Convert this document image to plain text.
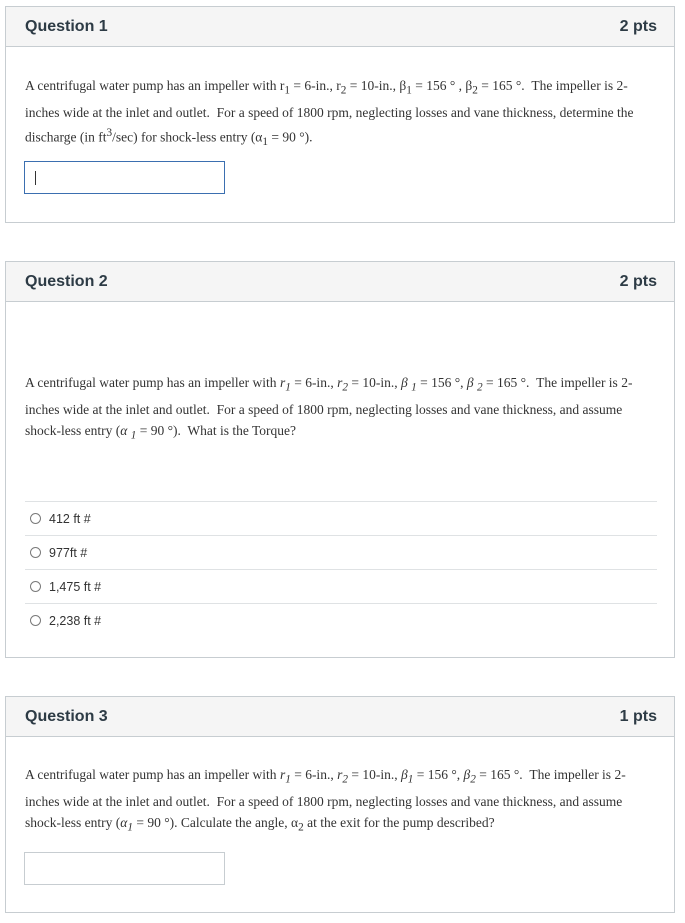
Question 1	2 pts

A centrifugal water pump has an impeller with $r_1 = 6-in$., $r_2 = 10-in$., $\beta_1 = 156$ ° , $\beta_2 = 165$ °.  The impeller is 2-inches wide at the inlet and outlet.  For a speed of 1800 rpm, neglecting losses and vane thickness, determine the discharge (in $ft^3/\sec$) for shock-less entry ($\alpha_1 = 90$ °).

Question 2	2 pts

A centrifugal water pump has an impeller with $r_1 = 6-in$., $r_2 = 10-in$., β $_1$ = 156 °, β $_2$ = 165 °.  The impeller is 2-inches wide at the inlet and outlet.  For a speed of 1800 rpm, neglecting losses and vane thickness, and assume shock-less entry (α $_1$ = 90 °).  What is the Torque?

412 ft #
977ft #
1,475 ft #
2,238 ft #
Question 3	1 pts

A centrifugal water pump has an impeller with $r_1 = 6-in$., $r_2 = 10-in$., $\beta_1 = 156$ °, $\beta_2 = 165$ °.  The impeller is 2-inches wide at the inlet and outlet.  For a speed of 1800 rpm, neglecting losses and vane thickness, and assume shock-less entry ($\alpha_1 = 90$ °). Calculate the angle, $\alpha_2$ at the exit for the pump described?
